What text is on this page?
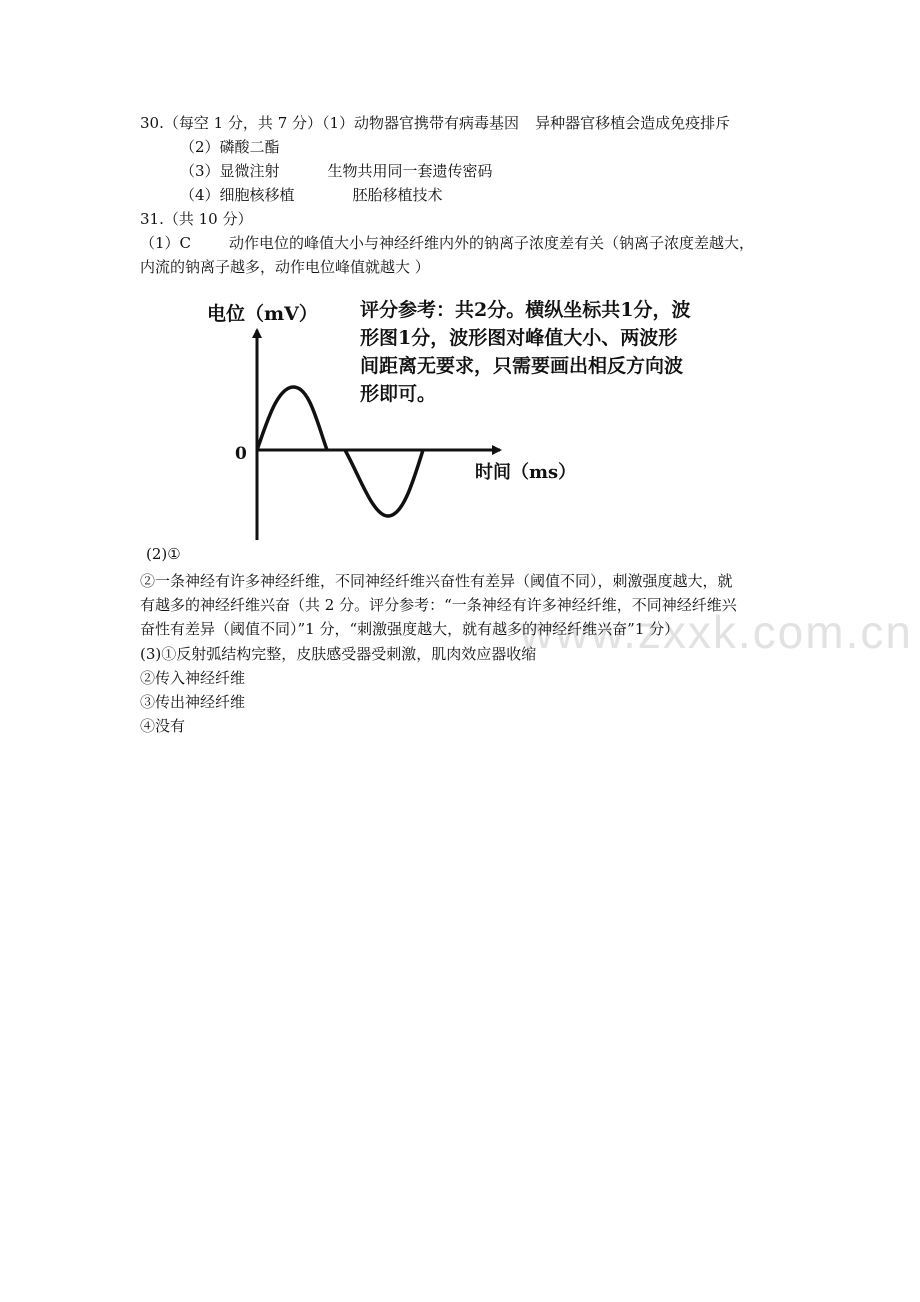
www.zxxk.com.cn
30.（每空 1 分，共 7 分）（1）动物器官携带有病毒基因 异种器官移植会造成免疫排斥
（2）磷酸二酯
（3）显微注射	生物共用同一套遗传密码
（4）细胞核移植	胚胎移植技术
31.（共 10 分）
（1）C	动作电位的峰值大小与神经纤维内外的钠离子浓度差有关（钠离子浓度差越大，
内流的钠离子越多，动作电位峰值就越大 ）
电位（mV）
时间（ms）
0
评分参考：共2分。横纵坐标共1分，波
形图1分，波形图对峰值大小、两波形
间距离无要求，只需要画出相反方向波
形即可。
(2)①
②一条神经有许多神经纤维，不同神经纤维兴奋性有差异（阈值不同），刺激强度越大，就
有越多的神经纤维兴奋（共 2 分。评分参考：“一条神经有许多神经纤维，不同神经纤维兴
奋性有差异（阈值不同）”1 分，“刺激强度越大，就有越多的神经纤维兴奋”1 分）
(3)①反射弧结构完整，皮肤感受器受刺激，肌肉效应器收缩
②传入神经纤维
③传出神经纤维
④没有
